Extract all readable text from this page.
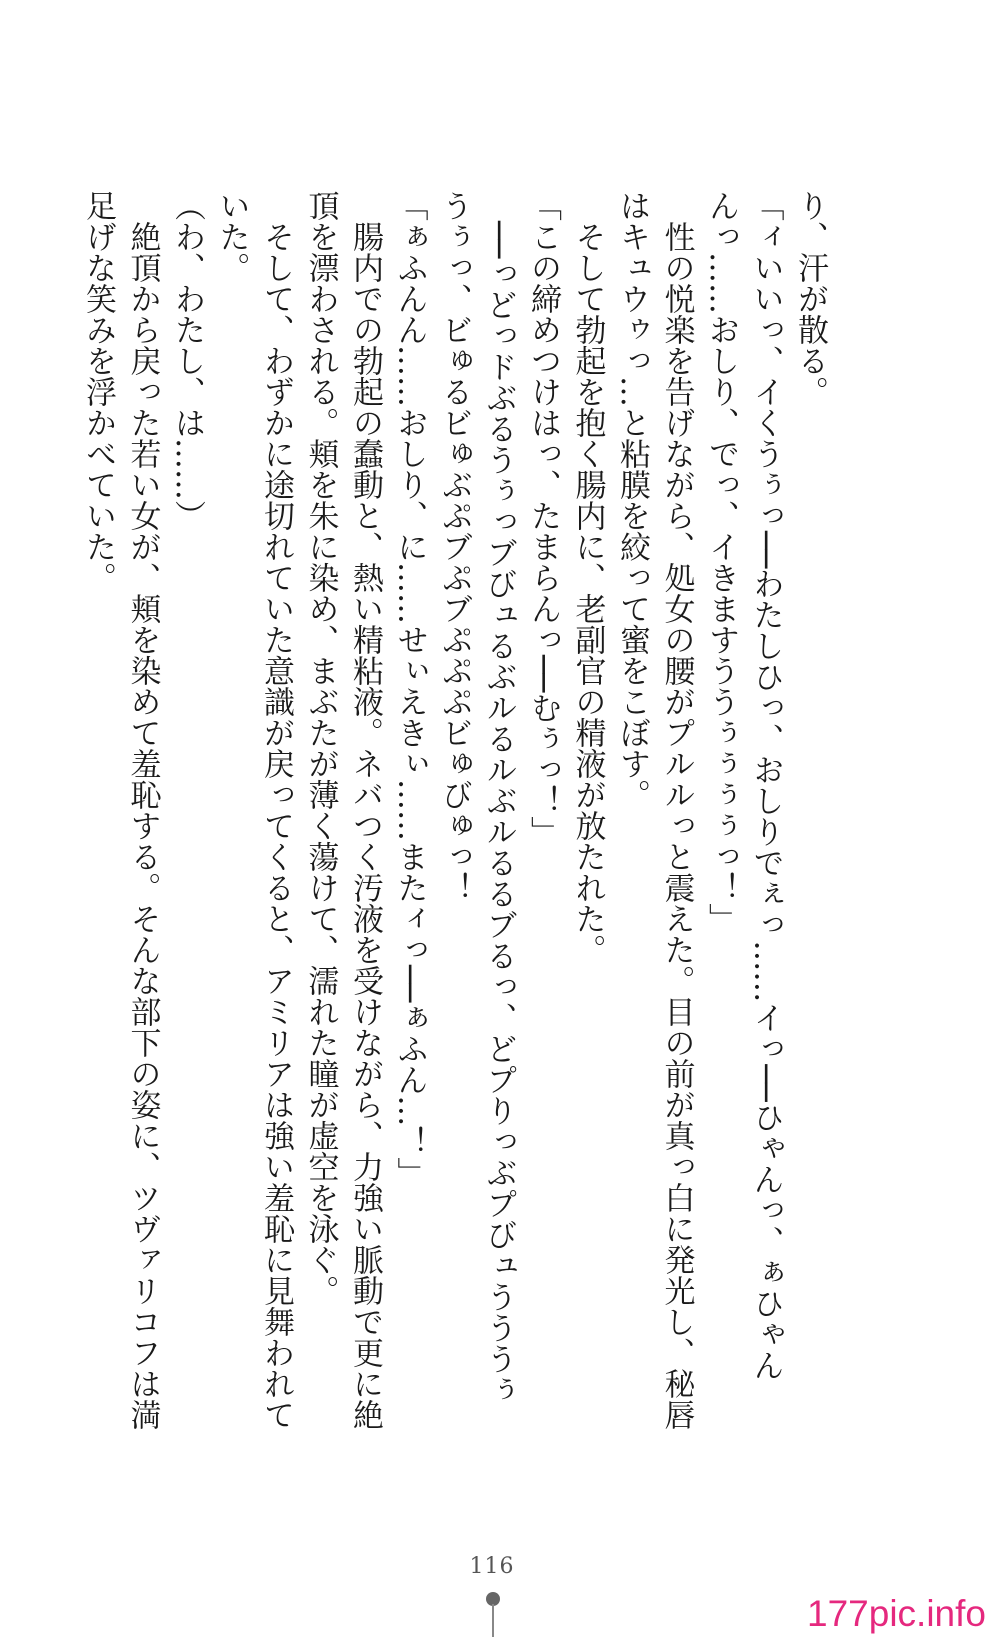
り、汗が散る。
「ィいいっ、イくうぅっ──わたしひっ、おしりでぇっ……イっ──ひゃんっ、ぁひゃん
んっ……おしり、でっ、イきますううぅぅぅぅっ！」
　性の悦楽を告げながら、処女の腰がプルルっと震えた。目の前が真っ白に発光し、秘唇
はキュウゥっ…と粘膜を絞って蜜をこぼす。
　そして勃起を抱く腸内に、老副官の精液が放たれた。
「この締めつけはっ、たまらんっ──むぅっ！」
　──っどっドぶるうぅっブびュるぶルるルぶルるるブるっ、どプりっぶプびュうううぅ
うぅっ、ビゅるビゅぶぷブぷブぷぷぷビゅびゅっ！
「ぁふんん……おしり、に……せぃえきぃ……またィっ──ぁふん…！」
　腸内での勃起の蠢動と、熱い精粘液。ネバつく汚液を受けながら、力強い脈動で更に絶
頂を漂わされる。頬を朱に染め、まぶたが薄く蕩けて、濡れた瞳が虚空を泳ぐ。
　そして、わずかに途切れていた意識が戻ってくると、アミリアは強い羞恥に見舞われて
いた。
（わ、わたし、は……）
　絶頂から戻った若い女が、頬を染めて羞恥する。そんな部下の姿に、ツヴァリコフは満
足げな笑みを浮かべていた。
116
177pic.info
